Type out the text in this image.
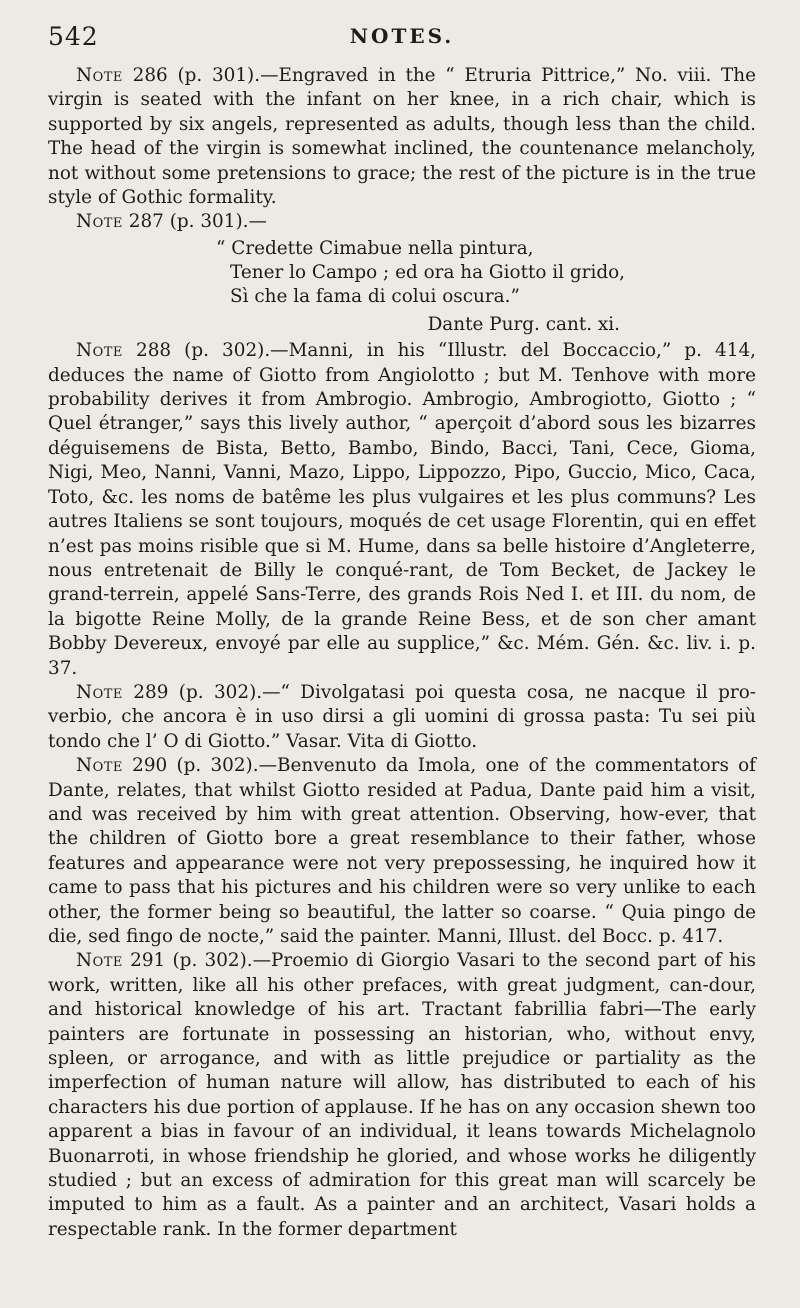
542	NOTES.

Note 286 (p. 301).—Engraved in the “ Etruria Pittrice,” No. viii. The virgin is seated with the infant on her knee, in a rich chair, which is supported by six angels, represented as adults, though less than the child. The head of the virgin is somewhat inclined, the countenance melancholy, not without some pretensions to grace; the rest of the picture is in the true style of Gothic formality.

Note 287 (p. 301).—

“ Credette Cimabue nella pintura,
Tener lo Campo ; ed ora ha Giotto il grido,
Sì che la fama di colui oscura.”
Dante Purg. cant. xi.

Note 288 (p. 302).—Manni, in his “Illustr. del Boccaccio,” p. 414, deduces the name of Giotto from Angiolotto ; but M. Tenhove with more probability derives it from Ambrogio. Ambrogio, Ambrogiotto, Giotto ; “ Quel étranger,” says this lively author, “ aperçoit d’abord sous les bizarres déguisemens de Bista, Betto, Bambo, Bindo, Bacci, Tani, Cece, Gioma, Nigi, Meo, Nanni, Vanni, Mazo, Lippo, Lippozzo, Pipo, Guccio, Mico, Caca, Toto, &c. les noms de batême les plus vulgaires et les plus communs? Les autres Italiens se sont toujours, moqués de cet usage Florentin, qui en effet n’est pas moins risible que si M. Hume, dans sa belle histoire d’Angleterre, nous entretenait de Billy le conqué-rant, de Tom Becket, de Jackey le grand-terrein, appelé Sans-Terre, des grands Rois Ned I. et III. du nom, de la bigotte Reine Molly, de la grande Reine Bess, et de son cher amant Bobby Devereux, envoyé par elle au supplice,” &c. Mém. Gén. &c. liv. i. p. 37.

Note 289 (p. 302).—“ Divolgatasi poi questa cosa, ne nacque il pro-verbio, che ancora è in uso dirsi a gli uomini di grossa pasta: Tu sei più tondo che l’ O di Giotto.” Vasar. Vita di Giotto.

Note 290 (p. 302).—Benvenuto da Imola, one of the commentators of Dante, relates, that whilst Giotto resided at Padua, Dante paid him a visit, and was received by him with great attention. Observing, how-ever, that the children of Giotto bore a great resemblance to their father, whose features and appearance were not very prepossessing, he inquired how it came to pass that his pictures and his children were so very unlike to each other, the former being so beautiful, the latter so coarse. “ Quia pingo de die, sed fingo de nocte,” said the painter. Manni, Illust. del Bocc. p. 417.

Note 291 (p. 302).—Proemio di Giorgio Vasari to the second part of his work, written, like all his other prefaces, with great judgment, can-dour, and historical knowledge of his art. Tractant fabrillia fabri—The early painters are fortunate in possessing an historian, who, without envy, spleen, or arrogance, and with as little prejudice or partiality as the imperfection of human nature will allow, has distributed to each of his characters his due portion of applause. If he has on any occasion shewn too apparent a bias in favour of an individual, it leans towards Michelagnolo Buonarroti, in whose friendship he gloried, and whose works he diligently studied ; but an excess of admiration for this great man will scarcely be imputed to him as a fault. As a painter and an architect, Vasari holds a respectable rank. In the former department
